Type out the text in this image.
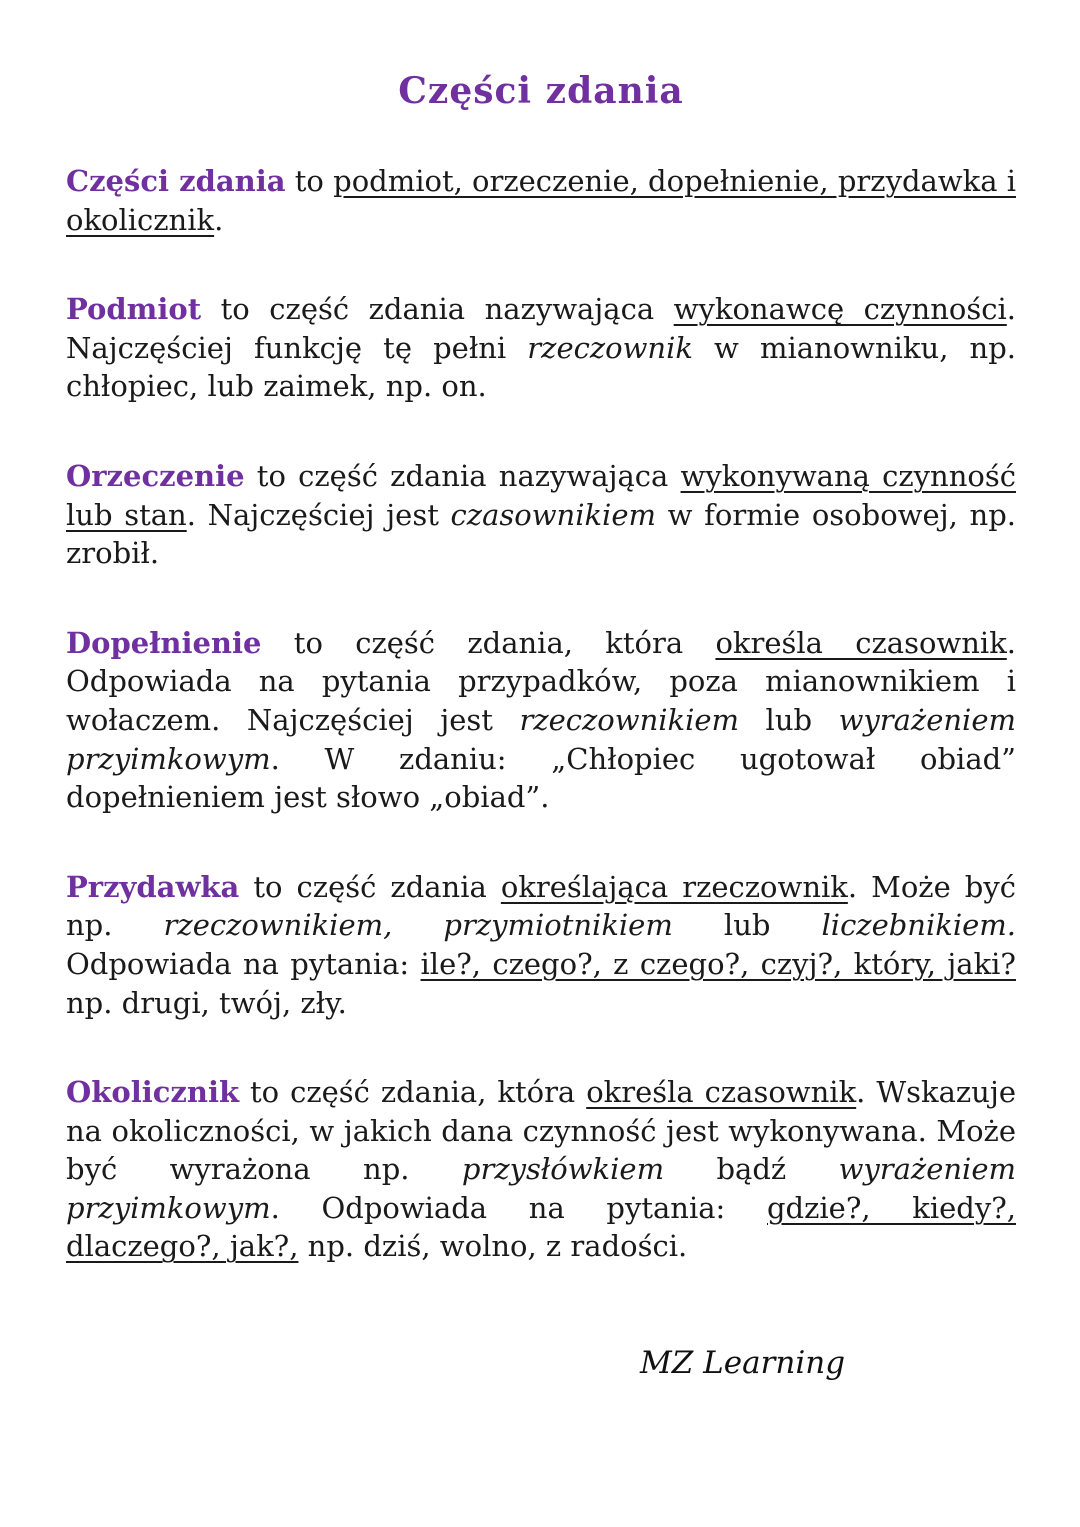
Części zdania

Części zdania to podmiot, orzeczenie, dopełnienie, przydawka i okolicznik.

Podmiot to część zdania nazywająca wykonawcę czynności. Najczęściej funkcję tę pełni rzeczownik w mianowniku, np. chłopiec, lub zaimek, np. on.

Orzeczenie to część zdania nazywająca wykonywaną czynność lub stan. Najczęściej jest czasownikiem w formie osobowej, np. zrobił.

Dopełnienie to część zdania, która określa czasownik. Odpowiada na pytania przypadków, poza mianownikiem i wołaczem. Najczęściej jest rzeczownikiem lub wyrażeniem przyimkowym. W zdaniu: „Chłopiec ugotował obiad” dopełnieniem jest słowo „obiad”.

Przydawka to część zdania określająca rzeczownik. Może być np. rzeczownikiem, przymiotnikiem lub liczebnikiem. Odpowiada na pytania: ile?, czego?, z czego?, czyj?, który, jaki? np. drugi, twój, zły.

Okolicznik to część zdania, która określa czasownik. Wskazuje na okoliczności, w jakich dana czynność jest wykonywana. Może być wyrażona np. przysłówkiem bądź wyrażeniem przyimkowym. Odpowiada na pytania: gdzie?, kiedy?, dlaczego?, jak?, np. dziś, wolno, z radości.

MZ Learning
